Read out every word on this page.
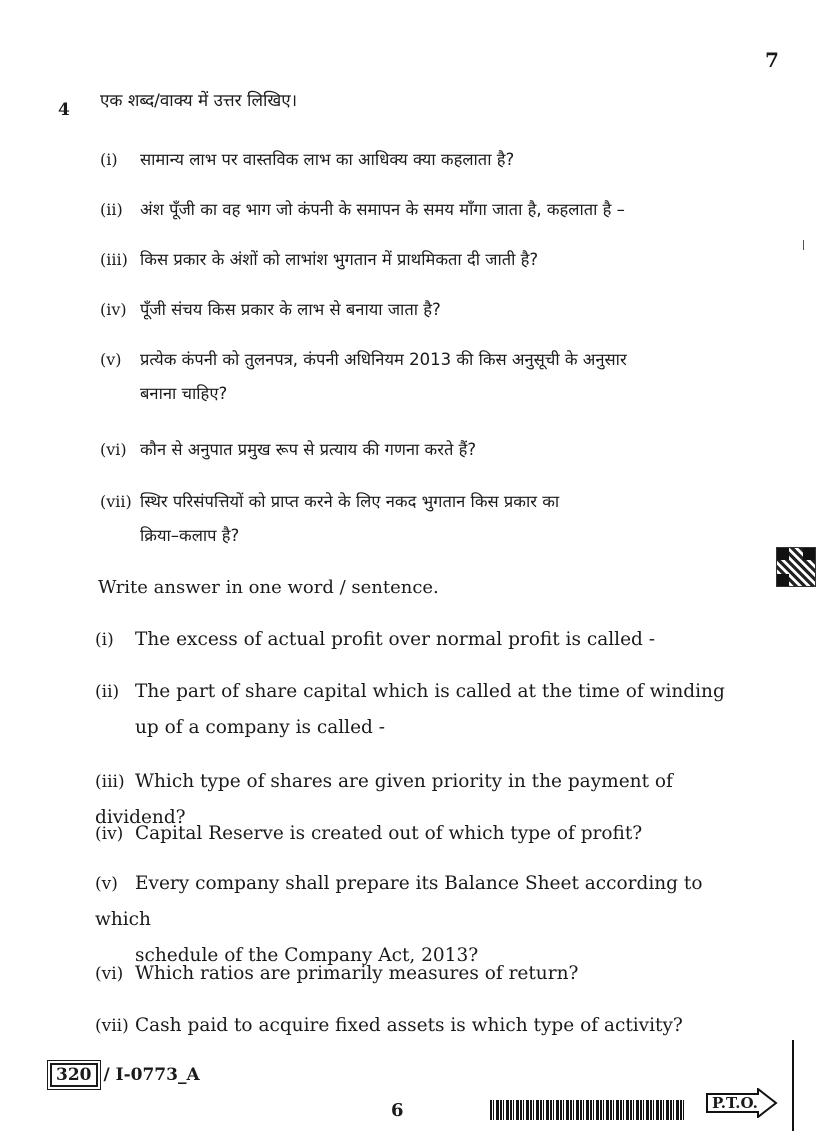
7
4 एक शब्द/वाक्य में उत्तर लिखिए।
(i) सामान्य लाभ पर वास्तविक लाभ का आधिक्य क्या कहलाता है?
(ii) अंश पूँजी का वह भाग जो कंपनी के समापन के समय माँगा जाता है, कहलाता है –
(iii) किस प्रकार के अंशों को लाभांश भुगतान में प्राथमिकता दी जाती है?
(iv) पूँजी संचय किस प्रकार के लाभ से बनाया जाता है?
(v) प्रत्येक कंपनी को तुलनपत्र, कंपनी अधिनियम 2013 की किस अनुसूची के अनुसार
बनाना चाहिए?
(vi) कौन से अनुपात प्रमुख रूप से प्रत्याय की गणना करते हैं?
(vii) स्थिर परिसंपत्तियों को प्राप्त करने के लिए नकद भुगतान किस प्रकार का
क्रिया–कलाप है?
Write answer in one word / sentence.
(i) The excess of actual profit over normal profit is called -
(ii) The part of share capital which is called at the time of winding
up of a company is called -
(iii) Which type of shares are given priority in the payment of dividend?
(iv) Capital Reserve is created out of which type of profit?
(v) Every company shall prepare its Balance Sheet according to which
schedule of the Company Act, 2013?
(vi) Which ratios are primarily measures of return?
(vii) Cash paid to acquire fixed assets is which type of activity?
320 / I-0773_A
6	P.T.O.
